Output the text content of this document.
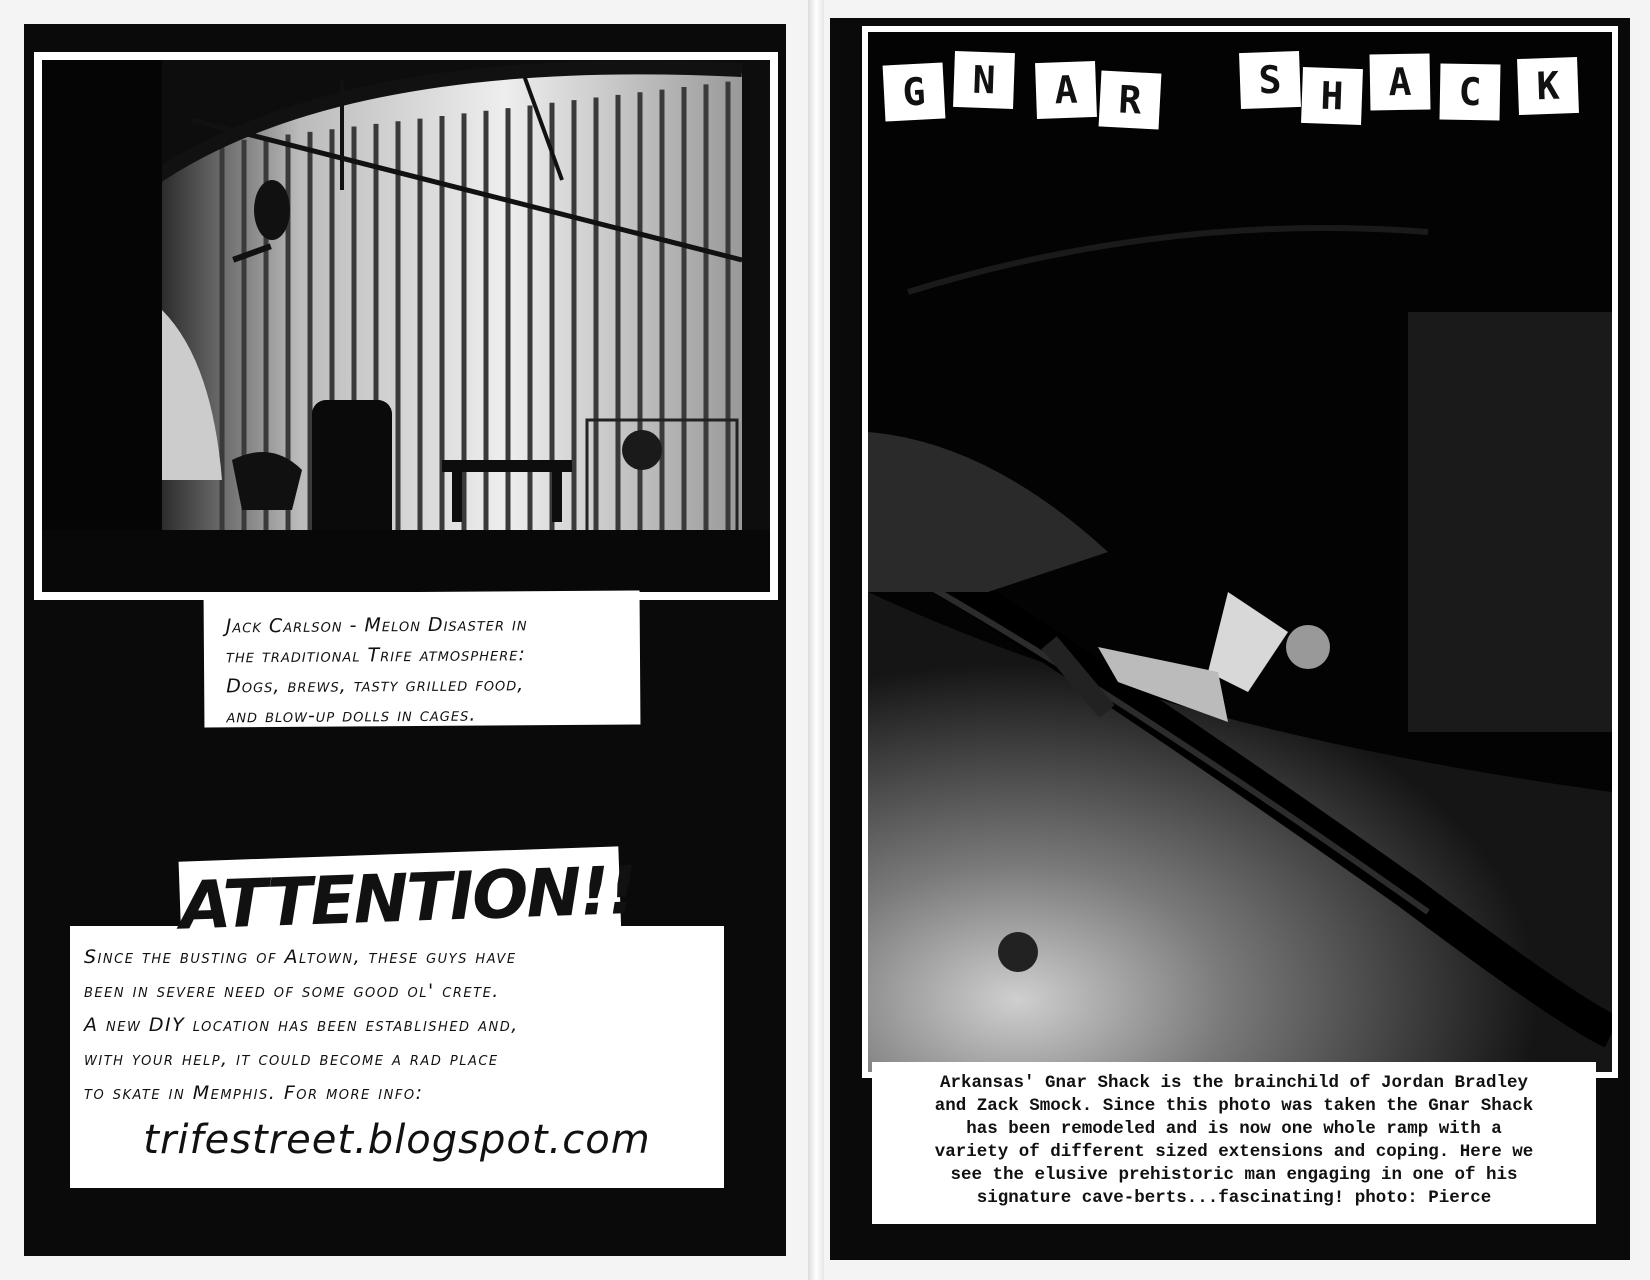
Jack Carlson - Melon Disaster in
the traditional Trife atmosphere:
Dogs, brews, tasty grilled food,
and blow-up dolls in cages.
Since the busting of Altown, these guys have
been in severe need of some good ol' crete.
A new DIY location has been established and,
with your help, it could become a rad place
to skate in Memphis. For more info:
trifestreet.blogspot.com
ATTENTION!!
G	N	A	R	S H	A	C	K
Arkansas' Gnar Shack is the brainchild of Jordan Bradley
and Zack Smock. Since this photo was taken the Gnar Shack
has been remodeled and is now one whole ramp with a
variety of different sized extensions and coping. Here we
see the elusive prehistoric man engaging in one of his
signature cave-berts...fascinating! photo: Pierce
